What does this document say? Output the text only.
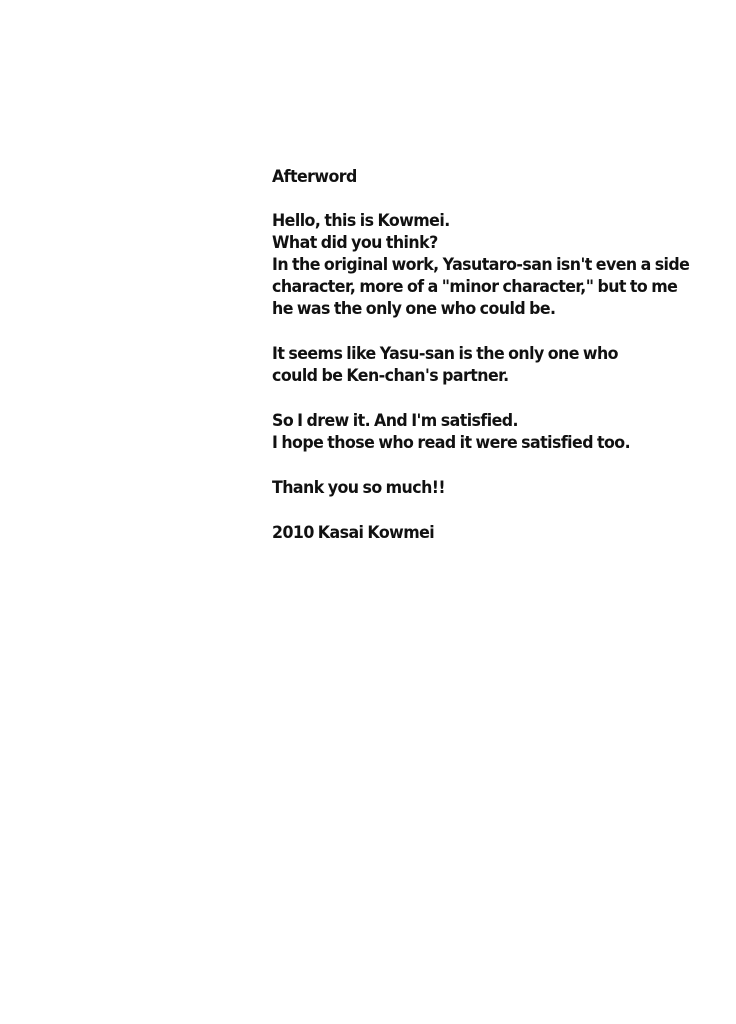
Afterword
Hello, this is Kowmei.
What did you think?
In the original work, Yasutaro-san isn't even a side
character, more of a "minor character," but to me
he was the only one who could be.
It seems like Yasu-san is the only one who
could be Ken-chan's partner.
So I drew it. And I'm satisfied.
I hope those who read it were satisfied too.
Thank you so much!!
2010 Kasai Kowmei
